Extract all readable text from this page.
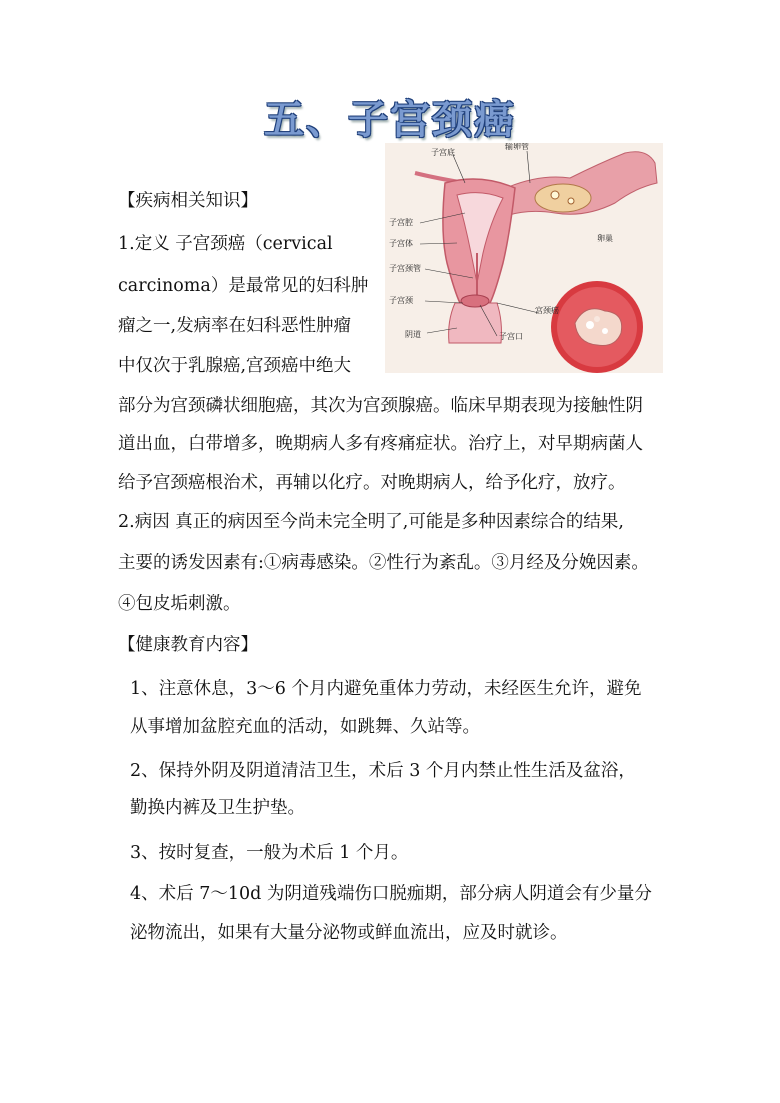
五、子宫颈癌
子宫底
输卵管
子宫腔
子宫体
子宫颈管
子宫颈
阴道	子宫口
卵巢
宫颈癌
【疾病相关知识】
1.定义 子宫颈癌（cervical
carcinoma）是最常见的妇科肿
瘤之一,发病率在妇科恶性肿瘤
中仅次于乳腺癌,宫颈癌中绝大
部分为宫颈磷状细胞癌，其次为宫颈腺癌。临床早期表现为接触性阴
道出血，白带增多，晚期病人多有疼痛症状。治疗上，对早期病菌人
给予宫颈癌根治术，再辅以化疗。对晚期病人，给予化疗，放疗。
2.病因 真正的病因至今尚未完全明了,可能是多种因素综合的结果,
主要的诱发因素有:①病毒感染。②性行为紊乱。③月经及分娩因素。
④包皮垢刺激。
【健康教育内容】
1、注意休息，3～6 个月内避免重体力劳动，未经医生允许，避免
从事增加盆腔充血的活动，如跳舞、久站等。
2、保持外阴及阴道清洁卫生，术后 3 个月内禁止性生活及盆浴，
勤换内裤及卫生护垫。
3、按时复查，一般为术后 1 个月。
4、术后 7～10d 为阴道残端伤口脱痂期，部分病人阴道会有少量分
泌物流出，如果有大量分泌物或鲜血流出，应及时就诊。
